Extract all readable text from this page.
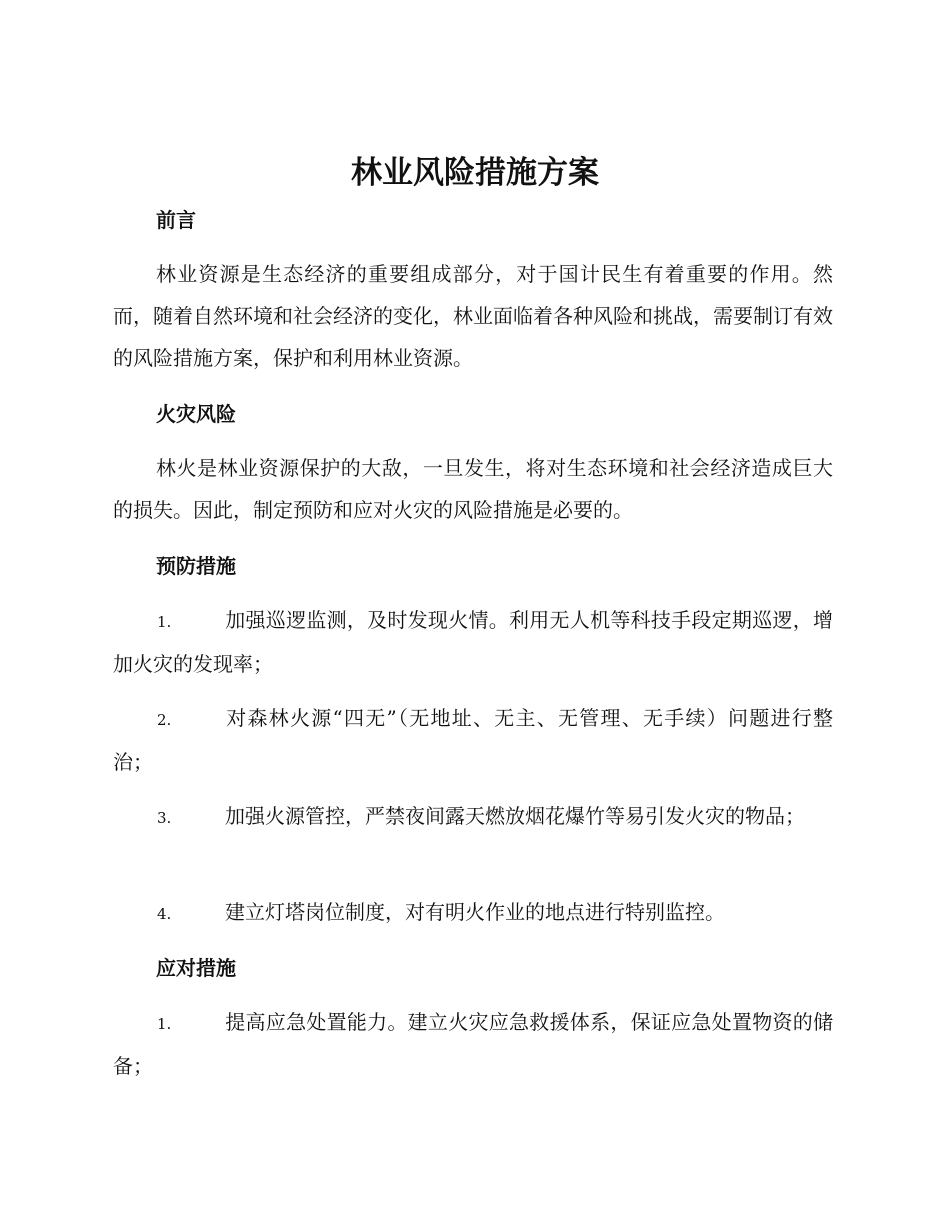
林业风险措施方案
前言

林业资源是生态经济的重要组成部分，对于国计民生有着重要的作用。然而，随着自然环境和社会经济的变化，林业面临着各种风险和挑战，需要制订有效的风险措施方案，保护和利用林业资源。

火灾风险

林火是林业资源保护的大敌，一旦发生，将对生态环境和社会经济造成巨大的损失。因此，制定预防和应对火灾的风险措施是必要的。

预防措施

1.	加强巡逻监测，及时发现火情。利用无人机等科技手段定期巡逻，增加火灾的发现率；

2.	对森林火源“四无”（无地址、无主、无管理、无手续）问题进行整治；

3.	加强火源管控，严禁夜间露天燃放烟花爆竹等易引发火灾的物品；

4.	建立灯塔岗位制度，对有明火作业的地点进行特别监控。

应对措施

1.	提高应急处置能力。建立火灾应急救援体系，保证应急处置物资的储备；
